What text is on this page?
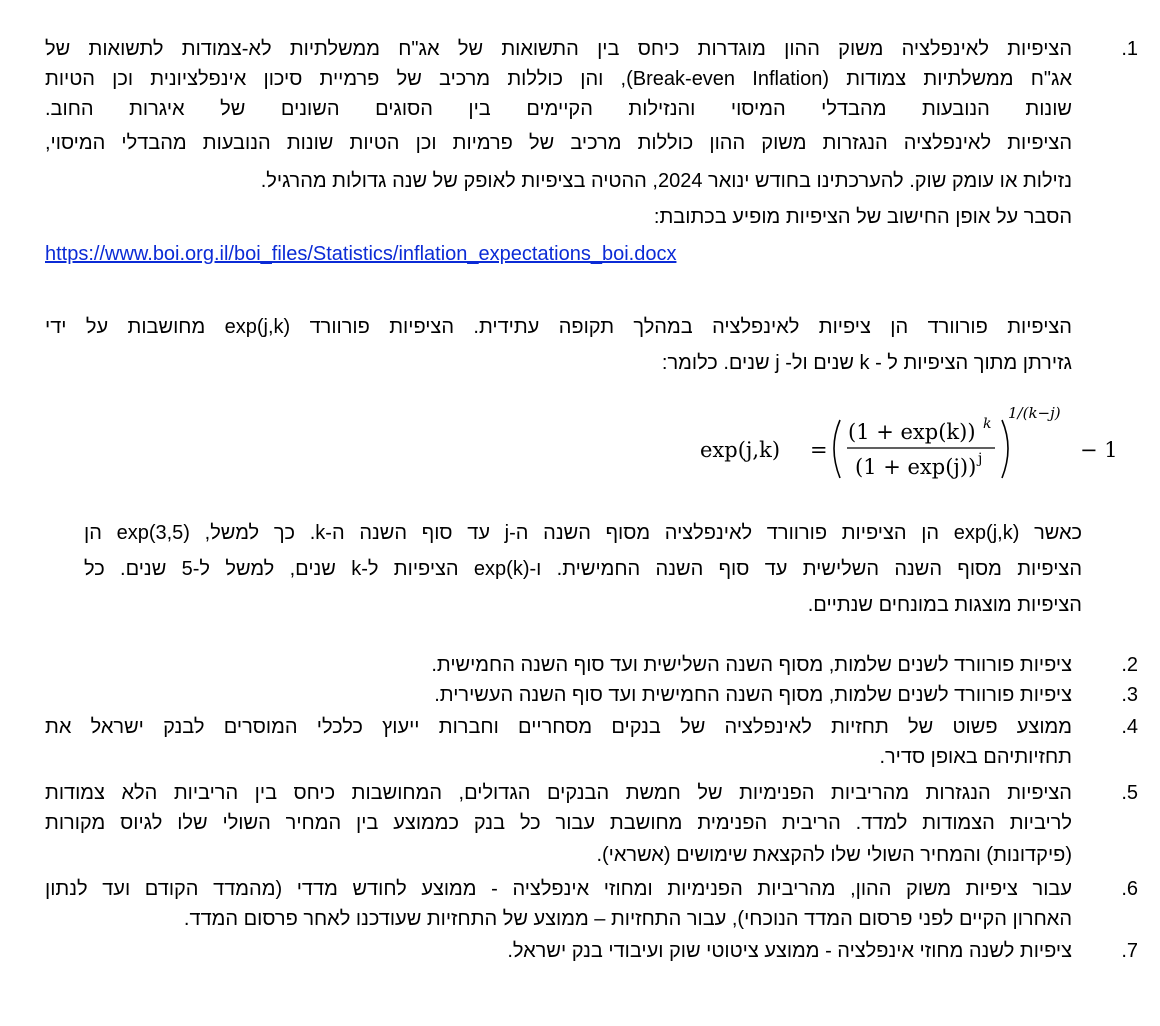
.1

הציפיות לאינפלציה משוק ההון מוגדרות כיחס בין התשואות של אג"ח ממשלתיות לא-צמודות לתשואות של

אג"ח ממשלתיות צמודות (Break-even Inflation), והן כוללות מרכיב של פרמיית סיכון אינפלציונית וכן הטיות

שונות הנובעות מהבדלי המיסוי והנזילות הקיימים בין הסוגים השונים של איגרות החוב.

הציפיות לאינפלציה הנגזרות משוק ההון כוללות מרכיב של פרמיות וכן הטיות שונות הנובעות מהבדלי המיסוי,

נזילות או עומק שוק. להערכתינו בחודש ינואר 2024, ההטיה בציפיות לאופק של שנה גדולות מהרגיל.

הסבר על אופן החישוב של הציפיות מופיע בכתובת:

https://www.boi.org.il/boi_files/Statistics/inflation_expectations_boi.docx

הציפיות פורוורד הן ציפיות לאינפלציה במהלך תקופה עתידית. הציפיות פורוורד exp(j,k) מחושבות על ידי

גזירתן מתוך הציפיות ל - k שנים ול- j שנים. כלומר:

exp(j,k) =
(1 + exp(k)) k
(1 + exp(j)) j
1/(k−j)
− 1

כאשר exp(j,k) הן הציפיות פורוורד לאינפלציה מסוף השנה ה-j עד סוף השנה ה-k. כך למשל, exp(3,5) הן

הציפיות מסוף השנה השלישית עד סוף השנה החמישית. ו-exp(k) הציפיות ל-k שנים, למשל ל-5 שנים. כל

הציפיות מוצגות במונחים שנתיים.

.2

ציפיות פורוורד לשנים שלמות, מסוף השנה השלישית ועד סוף השנה החמישית.

.3

ציפיות פורוורד לשנים שלמות, מסוף השנה החמישית ועד סוף השנה העשירית.

.4

ממוצע פשוט של תחזיות לאינפלציה של בנקים מסחריים וחברות ייעוץ כלכלי המוסרים לבנק ישראל את

תחזיותיהם באופן סדיר.

.5

הציפיות הנגזרות מהריביות הפנימיות של חמשת הבנקים הגדולים, המחושבות כיחס בין הריביות הלא צמודות

לריביות הצמודות למדד. הריבית הפנימית מחושבת עבור כל בנק כממוצע בין המחיר השולי שלו לגיוס מקורות

(פיקדונות) והמחיר השולי שלו להקצאת שימושים (אשראי).

.6

עבור ציפיות משוק ההון, מהריביות הפנימיות ומחוזי אינפלציה - ממוצע לחודש מדדי (מהמדד הקודם ועד לנתון

האחרון הקיים לפני פרסום המדד הנוכחי), עבור התחזיות – ממוצע של התחזיות שעודכנו לאחר פרסום המדד.

.7

ציפיות לשנה מחוזי אינפלציה - ממוצע ציטוטי שוק ועיבודי בנק ישראל.
